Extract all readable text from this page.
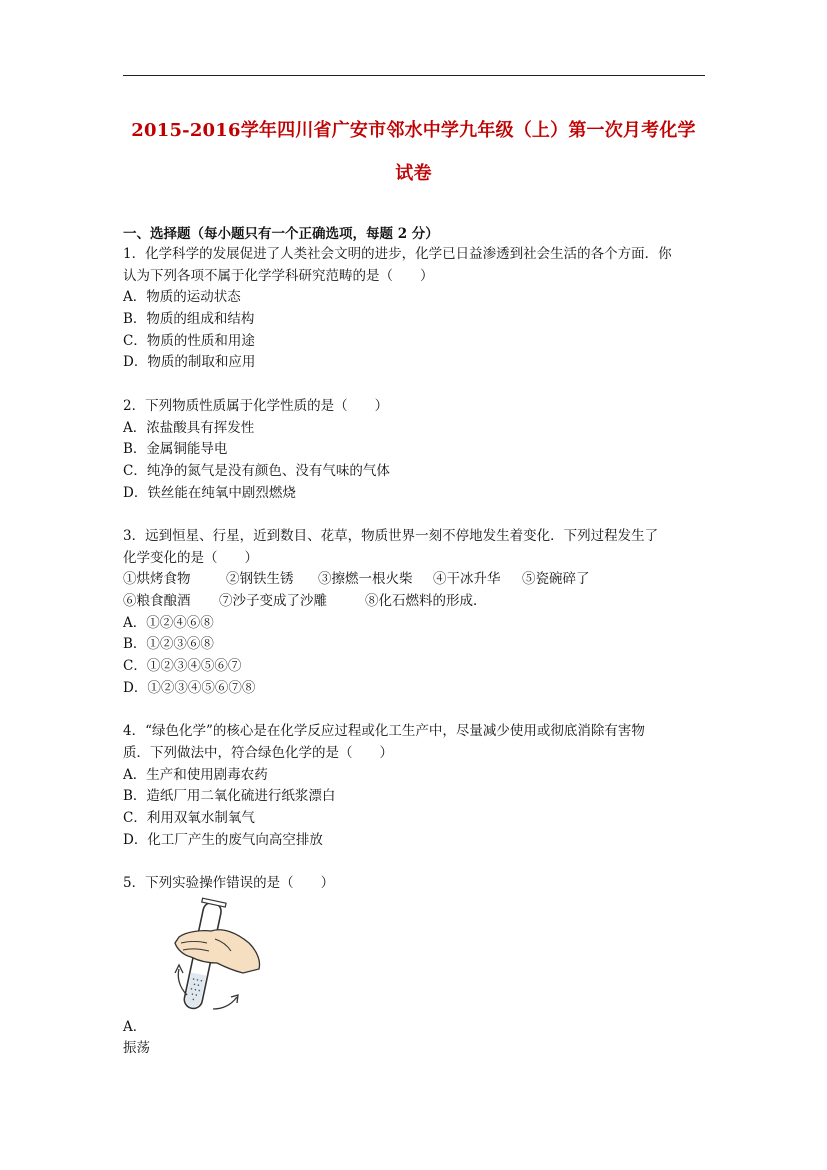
2015-2016学年四川省广安市邻水中学九年级（上）第一次月考化学
试卷
一、选择题（每小题只有一个正确选项，每题 2 分）
1．化学科学的发展促进了人类社会文明的进步，化学已日益渗透到社会生活的各个方面．你
认为下列各项不属于化学学科研究范畴的是（　　）
A．物质的运动状态
B．物质的组成和结构
C．物质的性质和用途
D．物质的制取和应用
2．下列物质性质属于化学性质的是（　　）
A．浓盐酸具有挥发性
B．金属铜能导电
C．纯净的氮气是没有颜色、没有气味的气体
D．铁丝能在纯氧中剧烈燃烧
3．远到恒星、行星，近到数目、花草，物质世界一刻不停地发生着变化．下列过程发生了
化学变化的是（　　）
①烘烤食物	②钢铁生锈 ③擦燃一根火柴 ④干冰升华 ⑤瓷碗碎了
⑥粮食酿酒 ⑦沙子变成了沙雕	⑧化石燃料的形成．
A．①②④⑥⑧
B．①②③⑥⑧
C．①②③④⑤⑥⑦
D．①②③④⑤⑥⑦⑧
4．“绿色化学”的核心是在化学反应过程或化工生产中，尽量减少使用或彻底消除有害物
质．下列做法中，符合绿色化学的是（　　）
A．生产和使用剧毒农药
B．造纸厂用二氧化硫进行纸浆漂白
C．利用双氧水制氧气
D．化工厂产生的废气向高空排放
5．下列实验操作错误的是（　　）
A．
振荡
